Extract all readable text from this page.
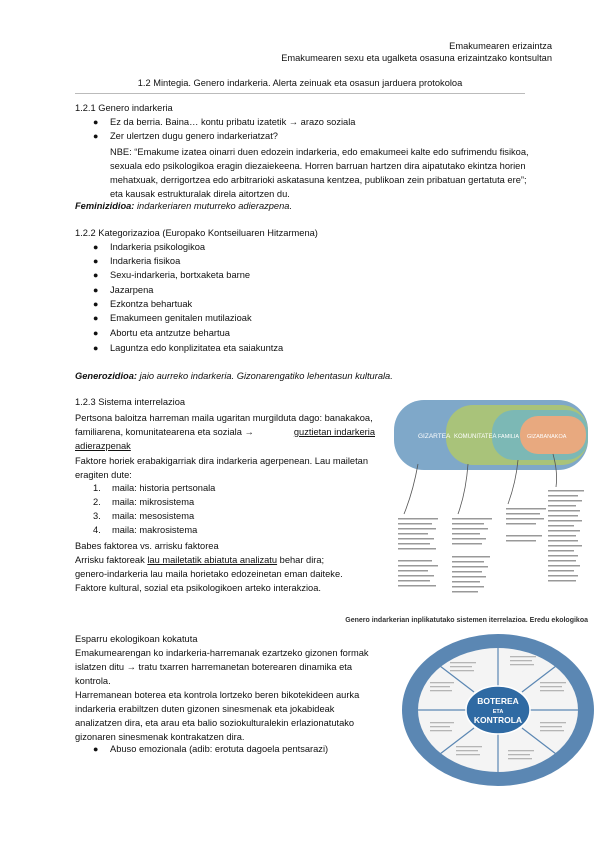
Emakumearen erizaintza
Emakumearen sexu eta ugalketa osasuna erizaintzako kontsultan
1.2 Mintegia. Genero indarkeria. Alerta zeinuak eta osasun jarduera protokoloa
1.2.1 Genero indarkeria
●	Ez da berria. Baina… kontu pribatu izatetik → arazo soziala
●	Zer ulertzen dugu genero indarkeriatzat?
NBE: “Emakume izatea oinarri duen edozein indarkeria, edo emakumeei kalte edo sufrimendu fisikoa,
sexuala edo psikologikoa eragin diezaiekeena. Horren barruan hartzen dira aipatutako ekintza horien
mehatxuak, derrigortzea edo arbitrarioki askatasuna kentzea, publikoan zein pribatuan gertatuta ere”;
eta kausak estrukturalak direla aitortzen du.
Feminizidioa: indarkeriaren muturreko adierazpena.
1.2.2 Kategorizazioa (Europako Kontseiluaren Hitzarmena)
●	Indarkeria psikologikoa
●	Indarkeria fisikoa
●	Sexu-indarkeria, bortxaketa barne
●	Jazarpena
●	Ezkontza behartuak
●	Emakumeen genitalen mutilazioak
●	Abortu eta antzutze behartua
●	Laguntza edo konplizitatea eta saiakuntza
Generozidioa: jaio aurreko indarkeria. Gizonarengatiko lehentasun kulturala.
1.2.3 Sistema interrelazioa
Pertsona baloitza harreman maila ugaritan murgilduta dago: banakakoa,
familiarena, komunitatearena eta soziala →	guztietan indarkeria
adierazpenak
Faktore horiek erabakigarriak dira indarkeria agerpenean. Lau mailetan
eragiten dute:
1. maila: historia pertsonala
2. maila: mikrosistema
3. maila: mesosistema
4. maila: makrosistema
Babes faktorea vs. arrisku faktorea
Arrisku faktoreak lau mailetatik abiatuta analizatu behar dira;
genero-indarkeria lau maila horietako edozeinetan eman daiteke.
Faktore kultural, sozial eta psikologikoen arteko interakzioa.
GIZARTEA KOMUNITATEA FAMILIA GIZABANAKOA
Genero indarkerian inplikatutako sistemen iterrelazioa. Eredu ekologikoa
Esparru ekologikoan kokatuta
Emakumearengan ko indarkeria-harremanak ezartzeko gizonen formak
islatzen ditu → tratu txarren harremanetan boterearen dinamika eta
kontrola.
Harremanean boterea eta kontrola lortzeko beren bikotekideen aurka
indarkeria erabiltzen duten gizonen sinesmenak eta jokabideak
analizatzen dira, eta arau eta balio soziokulturalekin erlazionatutako
gizonaren sinesmenak kontrakatzen dira.
●	Abuso emozionala (adib: erotuta dagoela pentsarazi)
BOTEREA
ETA
KONTROLA
